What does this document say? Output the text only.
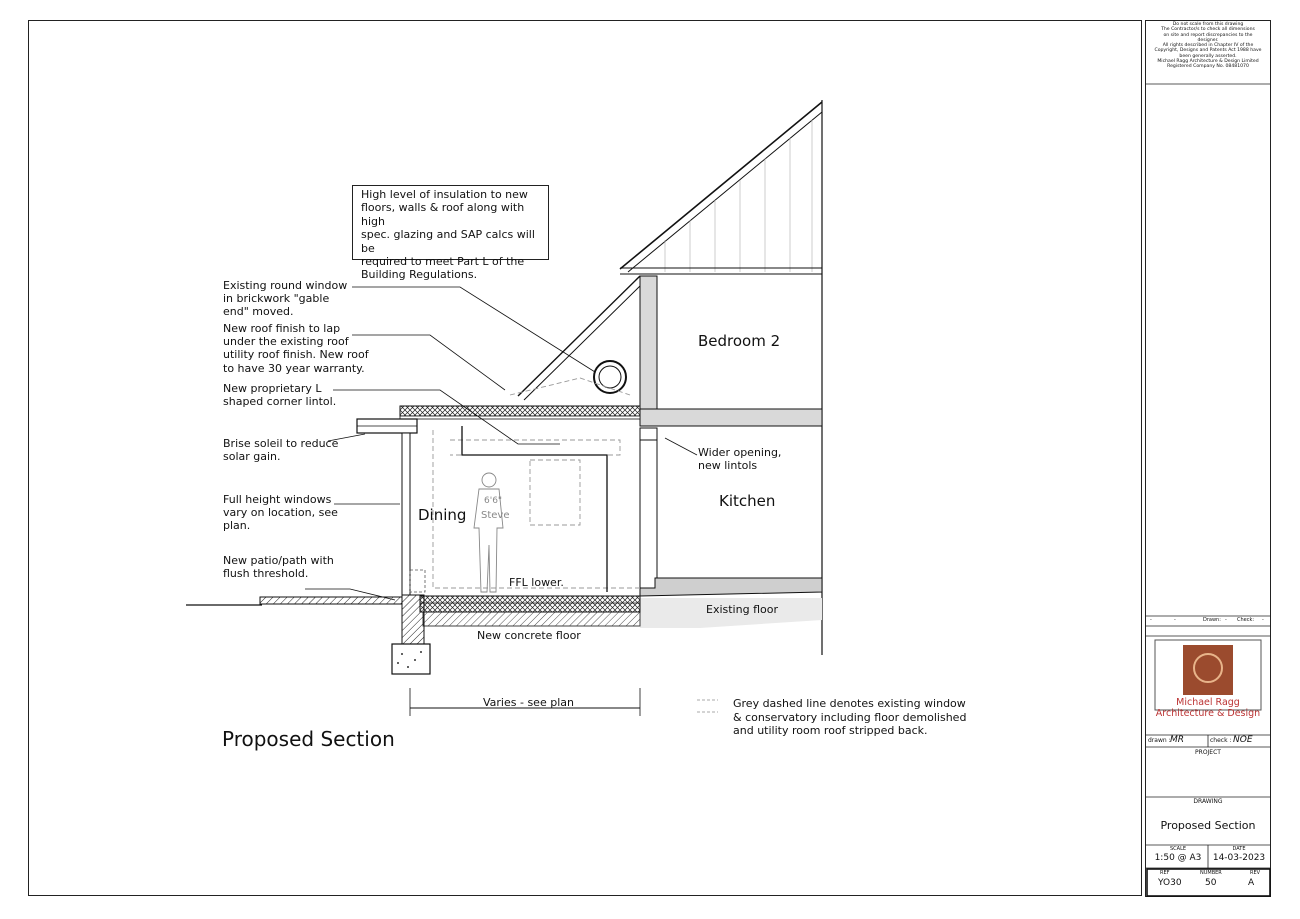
High level of insulation to new
floors, walls & roof along with high
spec. glazing and SAP calcs will be
required to meet Part L of the
Building Regulations.
Existing round window
in brickwork "gable
end" moved.
New roof finish to lap
under the existing roof
utility roof finish. New roof
to have 30 year warranty.
New proprietary L
shaped corner lintol.
Brise soleil to reduce
solar gain.
Full height windows
vary on location, see
plan.
New patio/path with
flush threshold.
Wider opening,
new lintols
FFL lower.
Existing floor
New concrete floor
Varies - see plan
Bedroom 2
Kitchen
Dining
6'6"
Steve
Grey dashed line denotes existing window
& conservatory including floor demolished
and utility room roof stripped back.
Proposed Section
Do not scale from this drawing
The Contractor/s to check all dimensions
on site and report discrepancies to the
designer.
All rights described in Chapter IV of the
Copyright, Designs and Patents Act 1988 have
been generally asserted.
Michael Ragg Architecture & Design Limited
Registered Company No. 08481070
-	-	Drawn: - Check: -
Michael Ragg
Architecture & Design
drawn : MR	check : NOE
PROJECT
DRAWING
Proposed Section
SCALE
1:50 @ A3
DATE
14-03-2023
REF
YO30
NUMBER
50
REV
A
